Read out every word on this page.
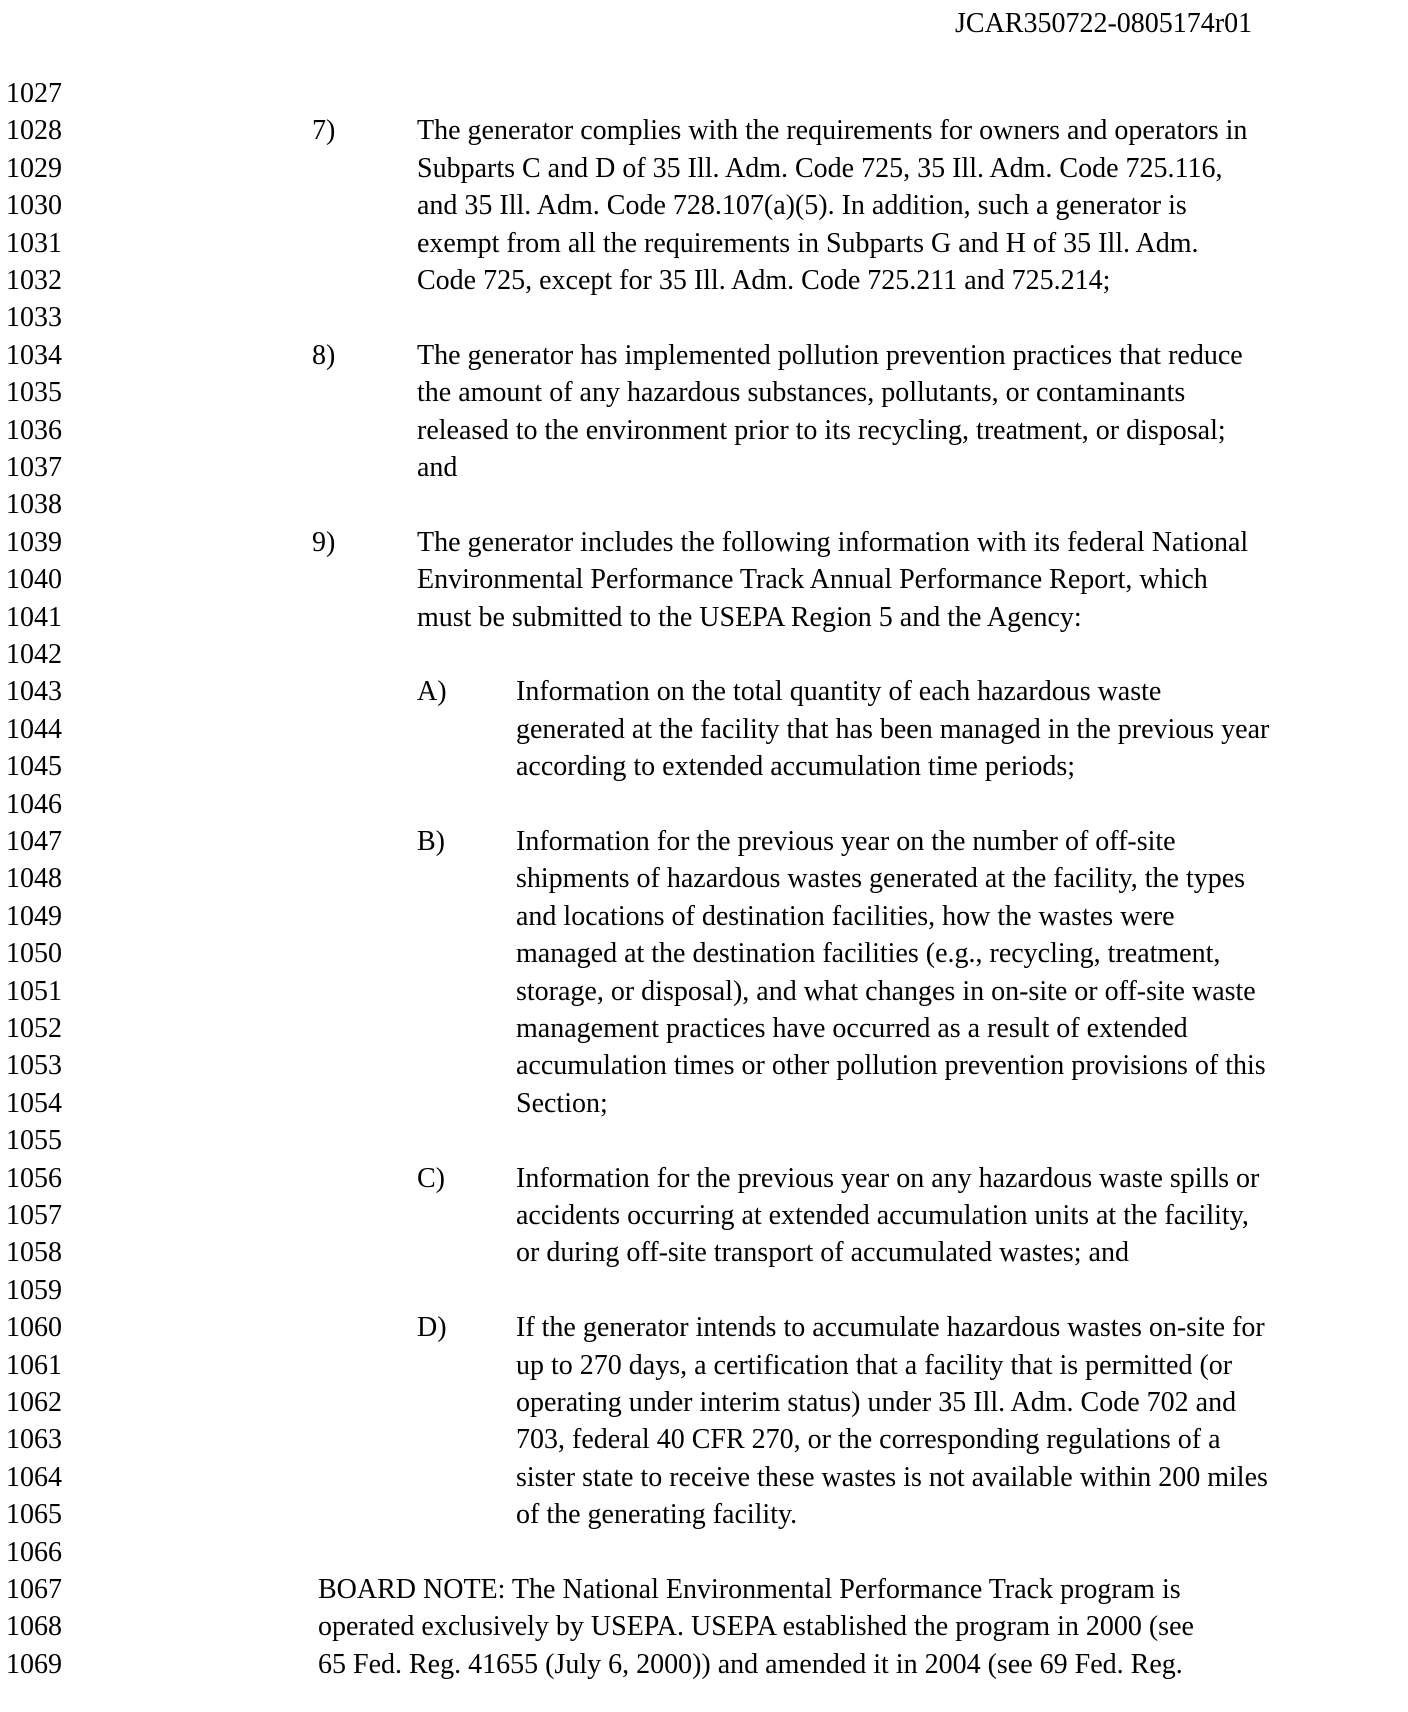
JCAR350722-0805174r01
1027
1028	7)	The generator complies with the requirements for owners and operators in
1029	Subparts C and D of 35 Ill. Adm. Code 725, 35 Ill. Adm. Code 725.116,
1030	and 35 Ill. Adm. Code 728.107(a)(5). In addition, such a generator is
1031	exempt from all the requirements in Subparts G and H of 35 Ill. Adm.
1032	Code 725, except for 35 Ill. Adm. Code 725.211 and 725.214;
1033
1034	8)	The generator has implemented pollution prevention practices that reduce
1035	the amount of any hazardous substances, pollutants, or contaminants
1036	released to the environment prior to its recycling, treatment, or disposal;
1037	and
1038
1039	9)	The generator includes the following information with its federal National
1040	Environmental Performance Track Annual Performance Report, which
1041	must be submitted to the USEPA Region 5 and the Agency:
1042
1043	A) Information on the total quantity of each hazardous waste
1044	generated at the facility that has been managed in the previous year
1045	according to extended accumulation time periods;
1046
1047	B)	Information for the previous year on the number of off-site
1048	shipments of hazardous wastes generated at the facility, the types
1049	and locations of destination facilities, how the wastes were
1050	managed at the destination facilities (e.g., recycling, treatment,
1051	storage, or disposal), and what changes in on-site or off-site waste
1052	management practices have occurred as a result of extended
1053	accumulation times or other pollution prevention provisions of this
1054	Section;
1055
1056	C)	Information for the previous year on any hazardous waste spills or
1057	accidents occurring at extended accumulation units at the facility,
1058	or during off-site transport of accumulated wastes; and
1059
1060	D) If the generator intends to accumulate hazardous wastes on-site for
1061	up to 270 days, a certification that a facility that is permitted (or
1062	operating under interim status) under 35 Ill. Adm. Code 702 and
1063	703, federal 40 CFR 270, or the corresponding regulations of a
1064	sister state to receive these wastes is not available within 200 miles
1065	of the generating facility.
1066
1067	BOARD NOTE: The National Environmental Performance Track program is
1068	operated exclusively by USEPA. USEPA established the program in 2000 (see
1069	65 Fed. Reg. 41655 (July 6, 2000)) and amended it in 2004 (see 69 Fed. Reg.
